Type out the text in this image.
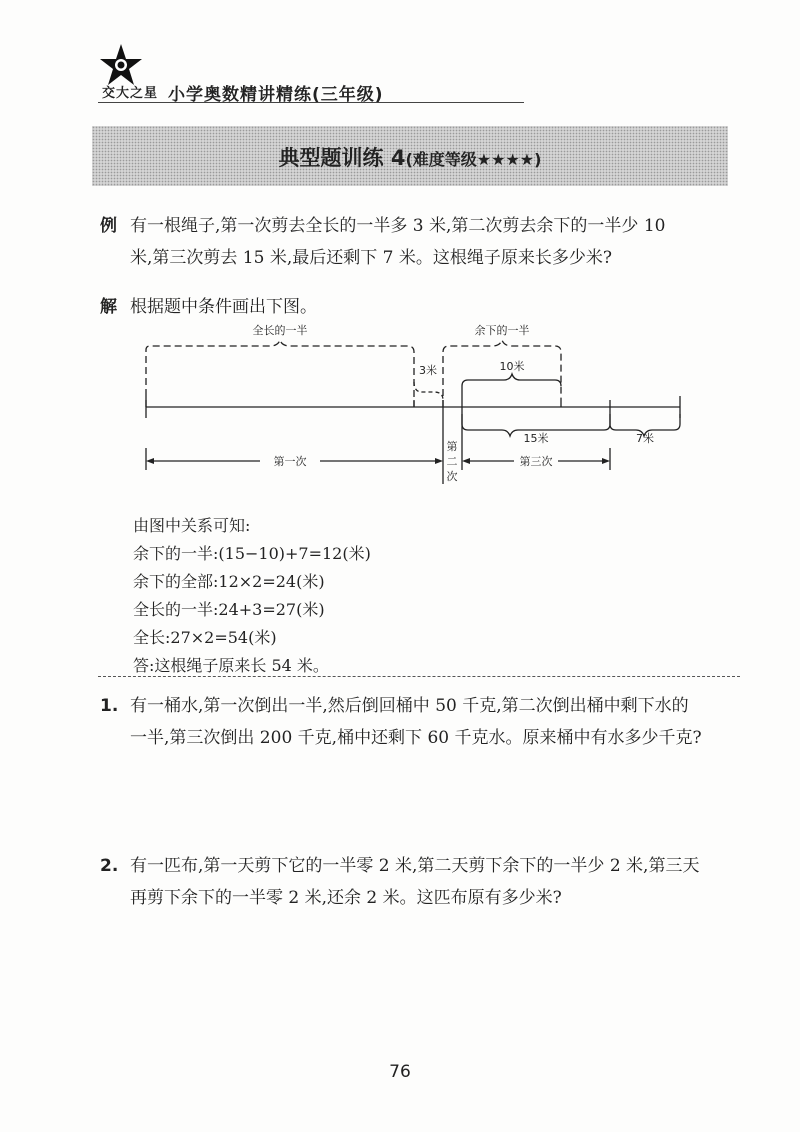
交大之星 小学奥数精讲精练(三年级)
典型题训练 4(难度等级★★★★)
例 有一根绳子,第一次剪去全长的一半多 3 米,第二次剪去余下的一半少 10
米,第三次剪去 15 米,最后还剩下 7 米。这根绳子原来长多少米?
解 根据题中条件画出下图。
全长的一半	余下的一半
3米	10米
15米	7米
第一次	第三次
第
二
次
由图中关系可知:
余下的一半:(15−10)+7=12(米)
余下的全部:12×2=24(米)
全长的一半:24+3=27(米)
全长:27×2=54(米)
答:这根绳子原来长 54 米。
1. 有一桶水,第一次倒出一半,然后倒回桶中 50 千克,第二次倒出桶中剩下水的
一半,第三次倒出 200 千克,桶中还剩下 60 千克水。原来桶中有水多少千克?
2. 有一匹布,第一天剪下它的一半零 2 米,第二天剪下余下的一半少 2 米,第三天
再剪下余下的一半零 2 米,还余 2 米。这匹布原有多少米?
76
